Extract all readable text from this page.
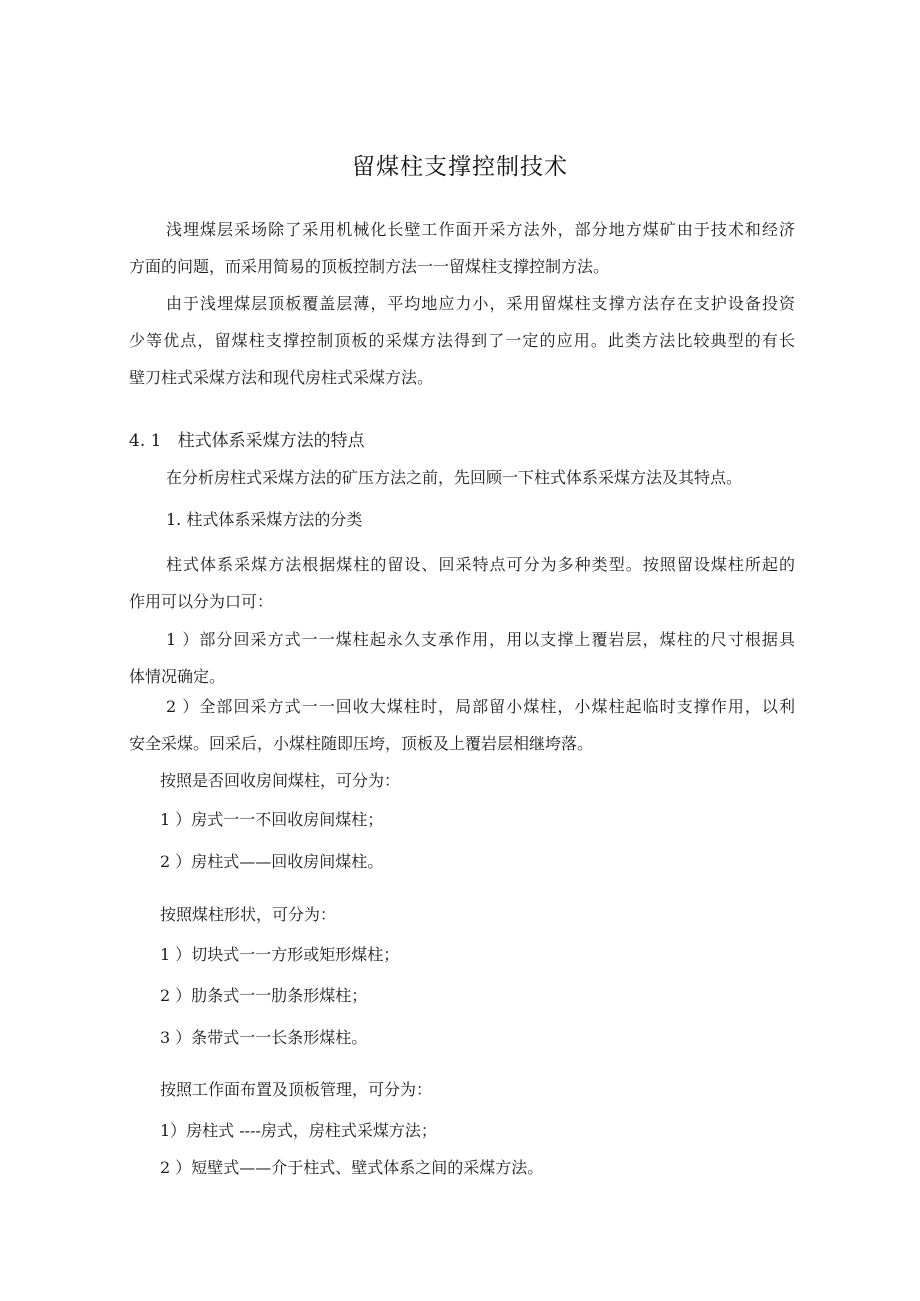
留煤柱支撑控制技术
浅埋煤层采场除了采用机械化长壁工作面开采方法外，部分地方煤矿由于技术和经济
方面的问题，而采用简易的顶板控制方法一一留煤柱支撑控制方法。
由于浅埋煤层顶板覆盖层薄，平均地应力小，采用留煤柱支撑方法存在支护设备投资
少等优点，留煤柱支撑控制顶板的采煤方法得到了一定的应用。此类方法比较典型的有长
壁刀柱式采煤方法和现代房柱式采煤方法。
4. 1   柱式体系采煤方法的特点
在分析房柱式采煤方法的矿压方法之前，先回顾一下柱式体系采煤方法及其特点。
1. 柱式体系采煤方法的分类
柱式体系采煤方法根据煤柱的留设、回采特点可分为多种类型。按照留设煤柱所起的
作用可以分为口可：
1 ）部分回采方式一一煤柱起永久支承作用，用以支撑上覆岩层，煤柱的尺寸根据具
体情况确定。
2 ）全部回采方式一一回收大煤柱时，局部留小煤柱，小煤柱起临时支撑作用，以利
安全采煤。回采后，小煤柱随即压垮，顶板及上覆岩层相继垮落。
按照是否回收房间煤柱，可分为：
1 ）房式一一不回收房间煤柱；
2 ）房柱式——回收房间煤柱。
按照煤柱形状，可分为：
1 ）切块式一一方形或矩形煤柱；
2 ）肋条式一一肋条形煤柱；
3 ）条带式一一长条形煤柱。
按照工作面布置及顶板管理，可分为：
1）房柱式 ----房式，房柱式采煤方法；
2 ）短壁式——介于柱式、壁式体系之间的采煤方法。
